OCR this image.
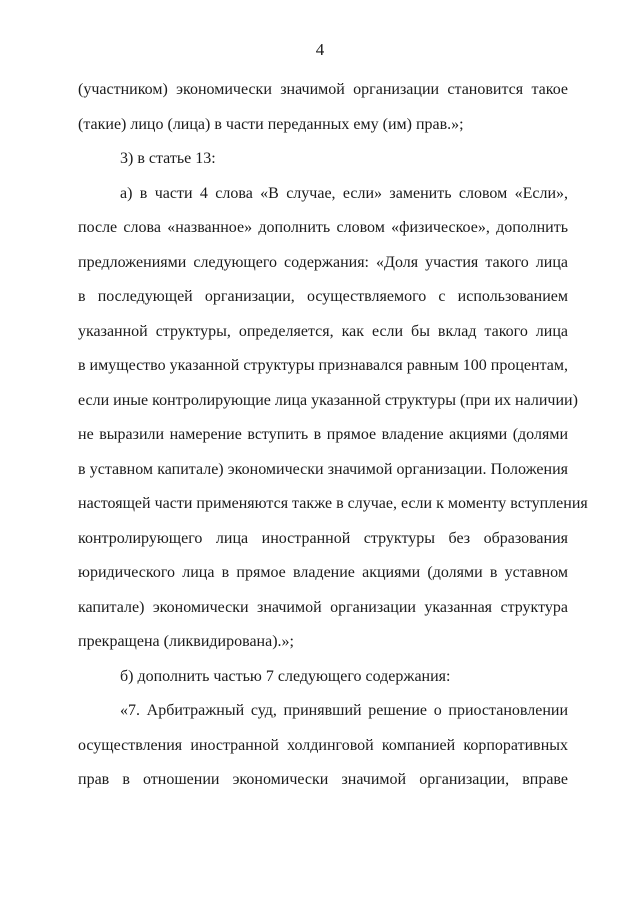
4
(участником) экономически значимой организации становится такое
(такие) лицо (лица) в части переданных ему (им) прав.»;
3) в статье 13:
а) в части 4 слова «В случае, если» заменить словом «Если»,
после слова «названное» дополнить словом «физическое», дополнить
предложениями следующего содержания: «Доля участия такого лица
в последующей организации, осуществляемого с использованием
указанной структуры, определяется, как если бы вклад такого лица
в имущество указанной структуры признавался равным 100 процентам,
если иные контролирующие лица указанной структуры (при их наличии)
не выразили намерение вступить в прямое владение акциями (долями
в уставном капитале) экономически значимой организации. Положения
настоящей части применяются также в случае, если к моменту вступления
контролирующего лица иностранной структуры без образования
юридического лица в прямое владение акциями (долями в уставном
капитале) экономически значимой организации указанная структура
прекращена (ликвидирована).»;
б) дополнить частью 7 следующего содержания:
«7. Арбитражный суд, принявший решение о приостановлении
осуществления иностранной холдинговой компанией корпоративных
прав в отношении экономически значимой организации, вправе
